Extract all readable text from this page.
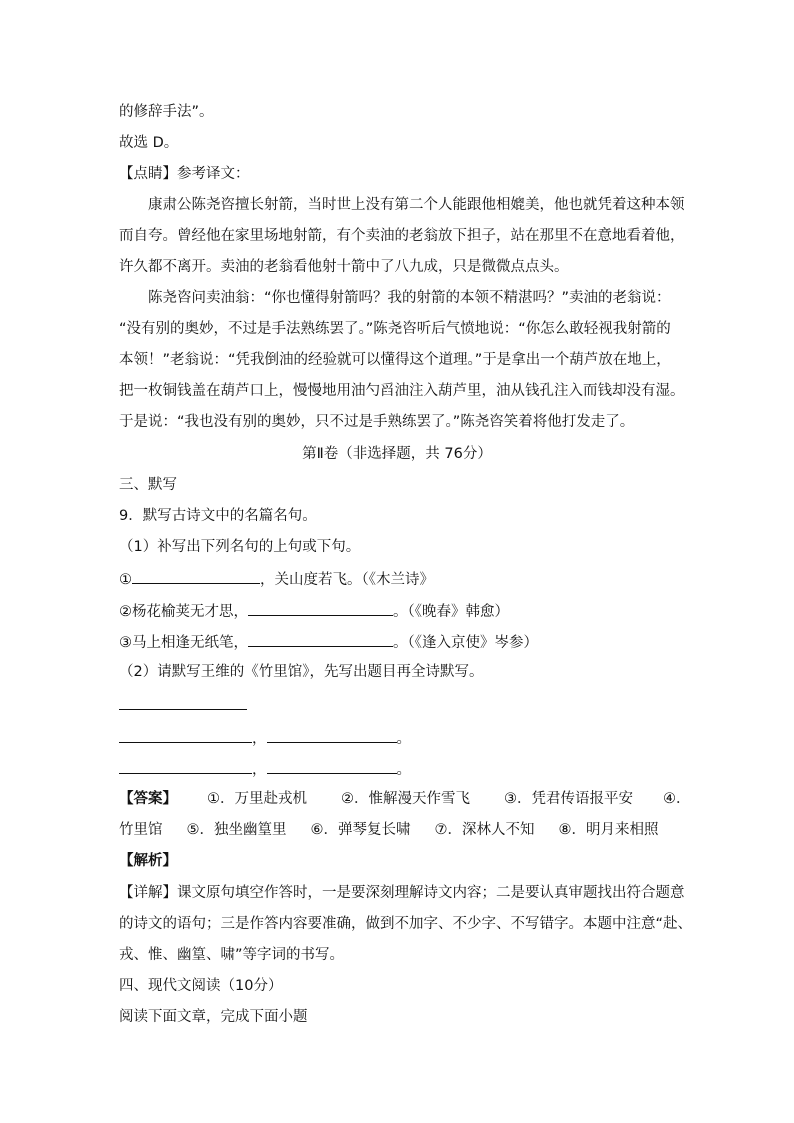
的修辞手法”。
故选 D。
【点睛】参考译文：
康肃公陈尧咨擅长射箭，当时世上没有第二个人能跟他相媲美，他也就凭着这种本领
而自夸。曾经他在家里场地射箭，有个卖油的老翁放下担子，站在那里不在意地看着他，
许久都不离开。卖油的老翁看他射十箭中了八九成，只是微微点点头。
陈尧咨问卖油翁：“你也懂得射箭吗？我的射箭的本领不精湛吗？”卖油的老翁说：
“没有别的奥妙，不过是手法熟练罢了。”陈尧咨听后气愤地说：“你怎么敢轻视我射箭的
本领！”老翁说：“凭我倒油的经验就可以懂得这个道理。”于是拿出一个葫芦放在地上，
把一枚铜钱盖在葫芦口上，慢慢地用油勺舀油注入葫芦里，油从钱孔注入而钱却没有湿。
于是说：“我也没有别的奥妙，只不过是手熟练罢了。”陈尧咨笑着将他打发走了。
第Ⅱ卷（非选择题，共 76分）
三、默写
9．默写古诗文中的名篇名句。
（1）补写出下列名句的上句或下句。
①	，关山度若飞。（《木兰诗》
②杨花榆荚无才思，	。（《晚春》韩愈）
③马上相逢无纸笔，	。（《逢入京使》岑参）
（2）请默写王维的《竹里馆》，先写出题目再全诗默写。
，	。
，	。
【答案】 ①．万里赴戎机 ②．惟解漫天作雪飞 ③．凭君传语报平安 ④．
竹里馆 ⑤．独坐幽篁里 ⑥．弹琴复长啸 ⑦．深林人不知 ⑧．明月来相照
【解析】
【详解】课文原句填空作答时，一是要深刻理解诗文内容；二是要认真审题找出符合题意
的诗文的语句；三是作答内容要准确，做到不加字、不少字、不写错字。本题中注意“赴、
戎、惟、幽篁、啸”等字词的书写。
四、现代文阅读（10分）
阅读下面文章，完成下面小题
